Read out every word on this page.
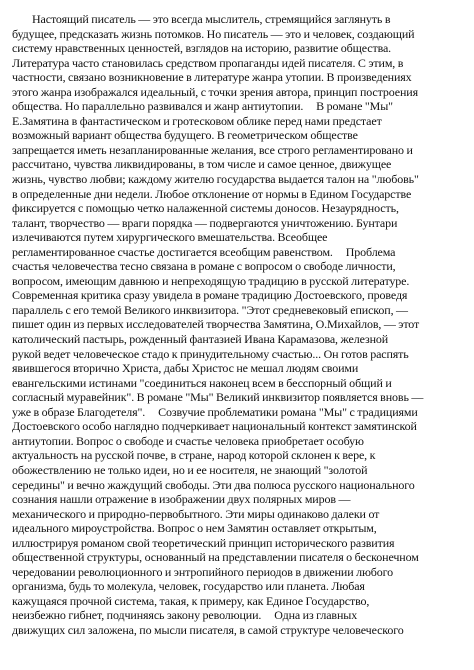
Настоящий писатель — это всегда мыслитель, стремящийся заглянуть в
будущее, предсказать жизнь потомков. Но писатель — это и человек, создающий
систему нравственных ценностей, взглядов на историю, развитие общества.
Литература часто становилась средством пропаганды идей писателя. С этим, в
частности, связано возникновение в литературе жанра утопии. В произведениях
этого жанра изображался идеальный, с точки зрения автора, принцип построения
общества. Но параллельно развивался и жанр антиутопии.     В романе "Мы"
Е.Замятина в фантастическом и гротесковом облике перед нами предстает
возможный вариант общества будущего. В геометрическом обществе
запрещается иметь незапланированные желания, все строго регламентировано и
рассчитано, чувства ликвидированы, в том числе и самое ценное, движущее
жизнь, чувство любви; каждому жителю государства выдается талон на "любовь"
в определенные дни недели. Любое отклонение от нормы в Едином Государстве
фиксируется с помощью четко налаженной системы доносов. Незаурядность,
талант, творчество — враги порядка — подвергаются уничтожению. Бунтари
излечиваются путем хирургического вмешательства. Всеобщее
регламентированное счастье достигается всеобщим равенством.     Проблема
счастья человечества тесно связана в романе с вопросом о свободе личности,
вопросом, имеющим давнюю и непреходящую традицию в русской литературе.
Современная критика сразу увидела в романе традицию Достоевского, проведя
параллель с его темой Великого инквизитора. "Этот средневековый епископ, —
пишет один из первых исследователей творчества Замятина, О.Михайлов, — этот
католический пастырь, рожденный фантазией Ивана Карамазова, железной
рукой ведет человеческое стадо к принудительному счастью... Он готов распять
явившегося вторично Христа, дабы Христос не мешал людям своими
евангельскими истинами "соединиться наконец всем в бесспорный общий и
согласный муравейник". В романе "Мы" Великий инквизитор появляется вновь —
уже в образе Благодетеля".     Созвучие проблематики романа "Мы" с традициями
Достоевского особо наглядно подчеркивает национальный контекст замятинской
антиутопии. Вопрос о свободе и счастье человека приобретает особую
актуальность на русской почве, в стране, народ которой склонен к вере, к
обожествлению не только идеи, но и ее носителя, не знающий "золотой
середины" и вечно жаждущий свободы. Эти два полюса русского национального
сознания нашли отражение в изображении двух полярных миров —
механического и природно-первобытного. Эти миры одинаково далеки от
идеального мироустройства. Вопрос о нем Замятин оставляет открытым,
иллюстрируя романом свой теоретический принцип исторического развития
общественной структуры, основанный на представлении писателя о бесконечном
чередовании революционного и энтропийного периодов в движении любого
организма, будь то молекула, человек, государство или планета. Любая
кажущаяся прочной система, такая, к примеру, как Единое Государство,
неизбежно гибнет, подчиняясь закону революции.     Одна из главных
движущих сил заложена, по мысли писателя, в самой структуре человеческого
